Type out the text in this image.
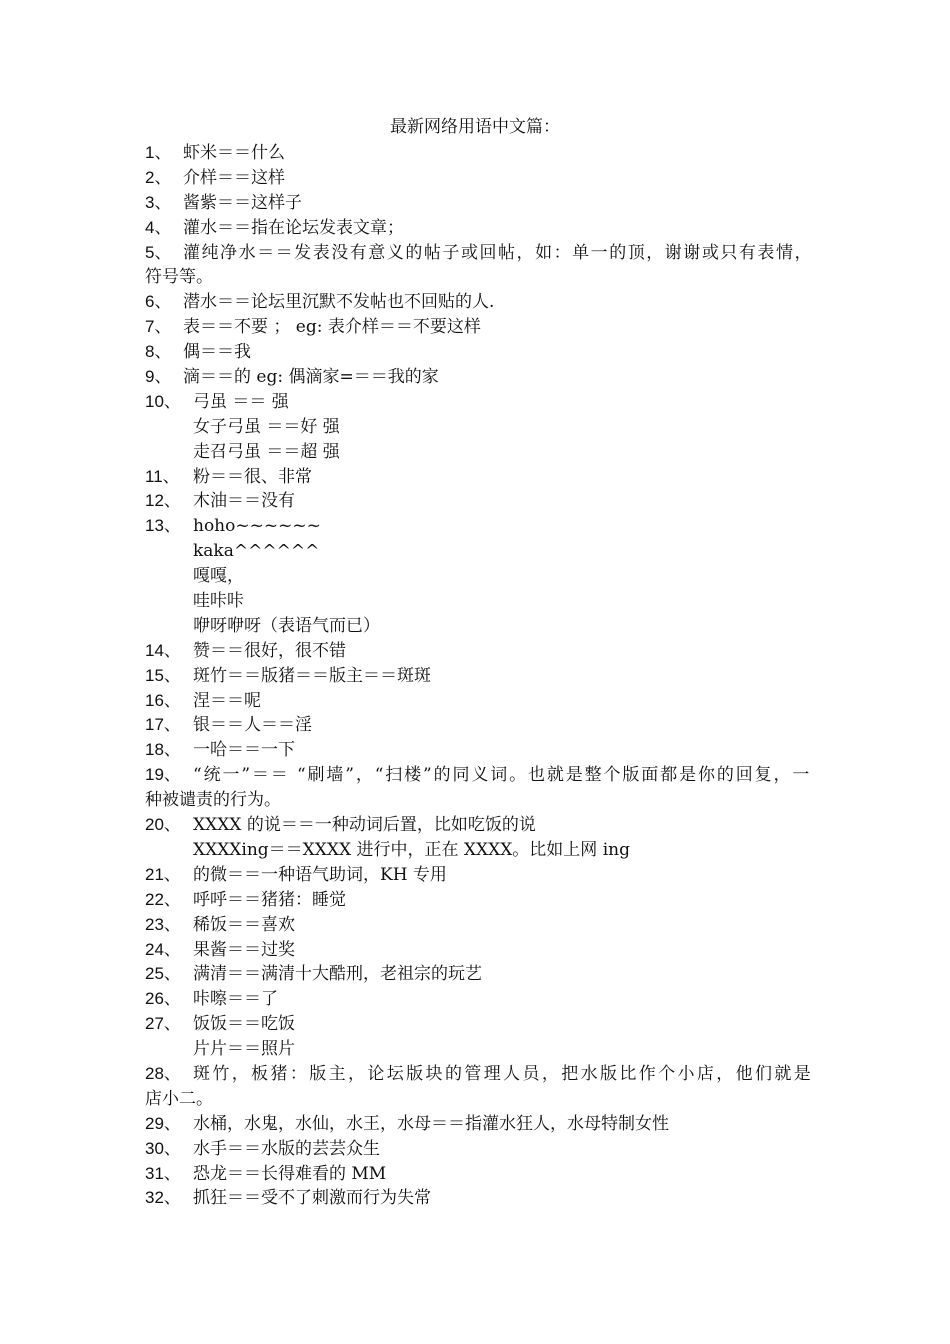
最新网络用语中文篇：
1、 虾米＝＝什么
2、 介样＝＝这样
3、 酱紫＝＝这样子
4、 灌水＝＝指在论坛发表文章；
5、 灌纯净水＝＝发表没有意义的帖子或回帖，如：单一的顶，谢谢或只有表情，
符号等。
6、 潜水＝＝论坛里沉默不发帖也不回贴的人.
7、 表＝＝不要 ； eg: 表介样＝＝不要这样
8、 偶＝＝我
9、 滴＝＝的 eg: 偶滴家=＝＝我的家
10、 弓虽 ＝＝ 强
女子弓虽 ＝＝好 强
走召弓虽 ＝＝超 强
11、 粉＝＝很、非常
12、 木油＝＝没有
13、 hoho~~~~~~
kaka^^^^^^
嘎嘎，
哇咔咔
咿呀咿呀（表语气而已）
14、 赞＝＝很好，很不错
15、 斑竹＝＝版猪＝＝版主＝＝斑斑
16、 涅＝＝呢
17、 银＝＝人＝＝淫
18、 一哈＝＝一下
19、 “统一”＝＝ “刷墙”，“扫楼”的同义词。也就是整个版面都是你的回复，一
种被谴责的行为。
20、 XXXX 的说＝＝一种动词后置，比如吃饭的说
XXXXing＝＝XXXX 进行中，正在 XXXX。比如上网 ing
21、 的微＝＝一种语气助词，KH 专用
22、 呼呼＝＝猪猪：睡觉
23、 稀饭＝＝喜欢
24、 果酱＝＝过奖
25、 满清＝＝满清十大酷刑，老祖宗的玩艺
26、 咔嚓＝＝了
27、 饭饭＝＝吃饭
片片＝＝照片
28、 斑竹，板猪：版主，论坛版块的管理人员，把水版比作个小店，他们就是
店小二。
29、 水桶，水鬼，水仙，水王，水母＝＝指灌水狂人，水母特制女性
30、 水手＝＝水版的芸芸众生
31、 恐龙＝＝长得难看的 MM
32、 抓狂＝＝受不了刺激而行为失常
